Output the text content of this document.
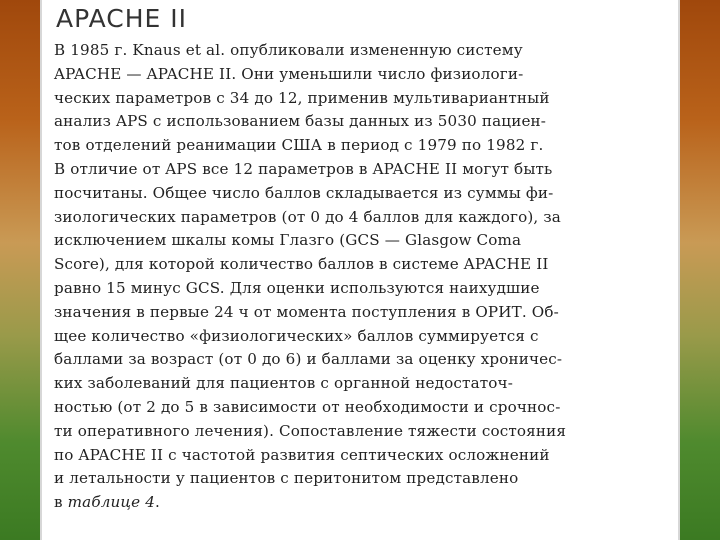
APACHE II
В 1985 г. Knaus et al. опубликовали измененную систему
APACHE — APACHE II. Они уменьшили число физиологи-
ческих параметров с 34 до 12, применив мультивариантный
анализ APS с использованием базы данных из 5030 пациен-
тов отделений реанимации США в период с 1979 по 1982 г.
В отличие от APS все 12 параметров в APACHE II могут быть
посчитаны. Общее число баллов складывается из суммы фи-
зиологических параметров (от 0 до 4 баллов для каждого), за
исключением шкалы комы Глазго (GCS — Glasgow Coma
Score), для которой количество баллов в системе APACHE II
равно 15 минус GCS. Для оценки используются наихудшие
значения в первые 24 ч от момента поступления в ОРИТ. Об-
щее количество «физиологических» баллов суммируется с
баллами за возраст (от 0 до 6) и баллами за оценку хроничес-
ких заболеваний для пациентов с органной недостаточ-
ностью (от 2 до 5 в зависимости от необходимости и срочнос-
ти оперативного лечения). Сопоставление тяжести состояния
по APACHE II с частотой развития септических осложнений
и летальности у пациентов с перитонитом представлено
в таблице 4.
